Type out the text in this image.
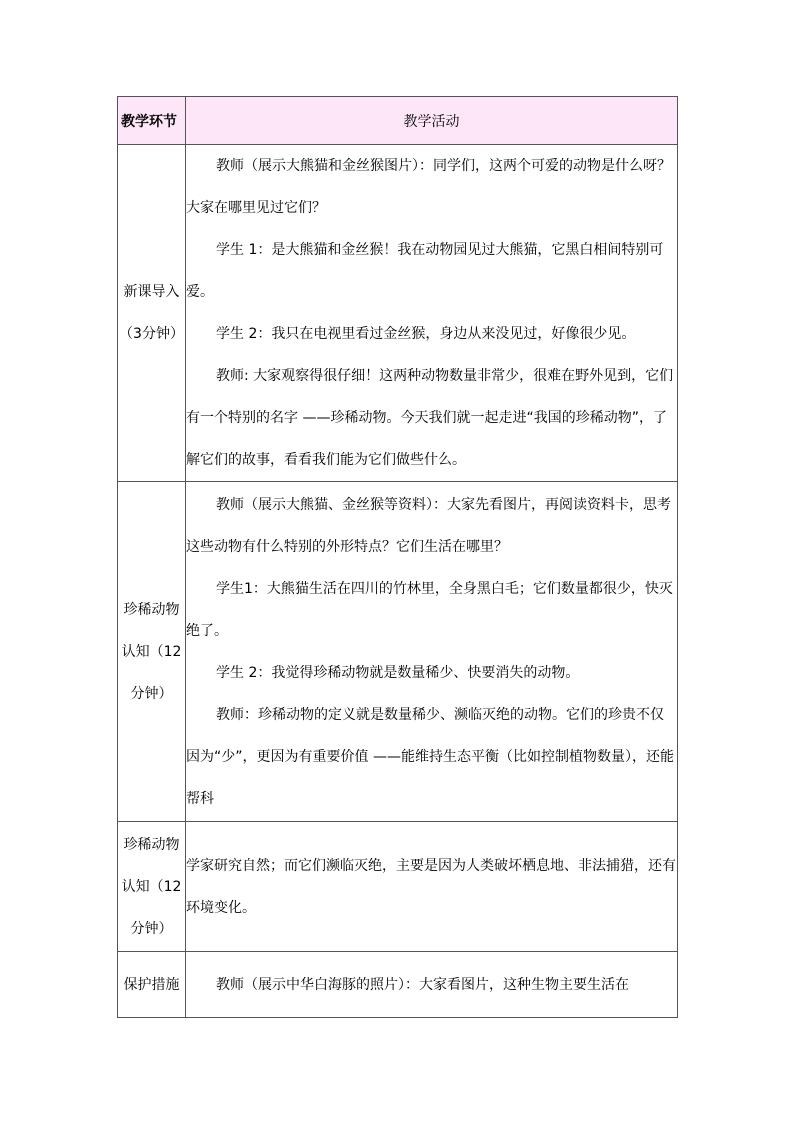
教学环节	教学活动
新课导入（3分钟）	教师（展示大熊猫和金丝猴图片）：同学们，这两个可爱的动物是什么呀？大家在哪里见过它们？

学生 1：是大熊猫和金丝猴！我在动物园见过大熊猫，它黑白相间特别可爱。

学生 2：我只在电视里看过金丝猴，身边从来没见过，好像很少见。

教师: 大家观察得很仔细！这两种动物数量非常少，很难在野外见到，它们有一个特别的名字 ——珍稀动物。今天我们就一起走进“我国的珍稀动物”，了解它们的故事，看看我们能为它们做些什么。

珍稀动物认知（12分钟）	教师（展示大熊猫、金丝猴等资料）：大家先看图片，再阅读资料卡，思考这些动物有什么特别的外形特点？它们生活在哪里？

学生1：大熊猫生活在四川的竹林里，全身黑白毛；它们数量都很少，快灭绝了。

学生 2：我觉得珍稀动物就是数量稀少、快要消失的动物。

教师：珍稀动物的定义就是数量稀少、濒临灭绝的动物。它们的珍贵不仅因为“少”，更因为有重要价值 ——能维持生态平衡（比如控制植物数量），还能帮科

珍稀动物认知（12分钟）	学家研究自然；而它们濒临灭绝，主要是因为人类破坏栖息地、非法捕猎，还有环境变化。

保护措施	教师（展示中华白海豚的照片）：大家看图片，这种生物主要生活在
